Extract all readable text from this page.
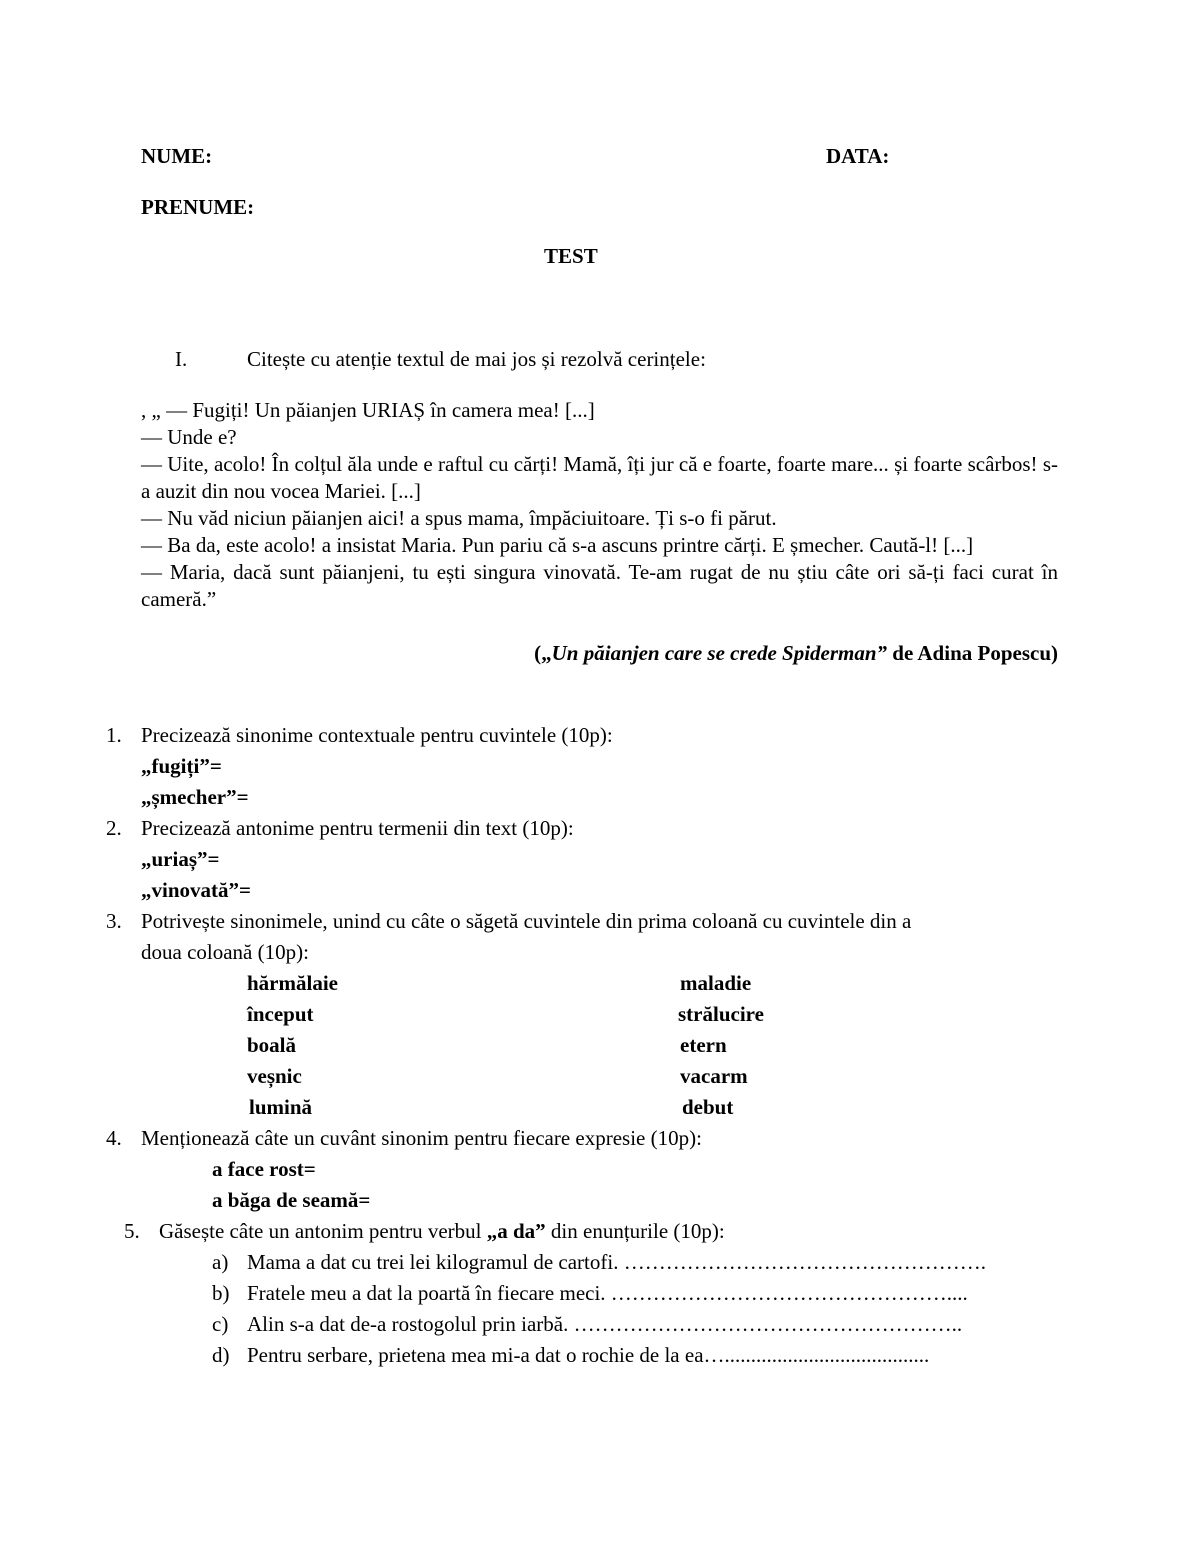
NUME:	DATA:
PRENUME:
TEST
I.	Citește cu atenție textul de mai jos și rezolvă cerințele:

, „ — Fugiți! Un păianjen URIAȘ în camera mea! [...]

— Unde e?

— Uite, acolo! În colțul ăla unde e raftul cu cărți! Mamă, îți jur că e foarte, foarte mare... și foarte scârbos! s-a auzit din nou vocea Mariei. [...]

— Nu văd niciun păianjen aici! a spus mama, împăciuitoare. Ți s-o fi părut.

— Ba da, este acolo! a insistat Maria. Pun pariu că s-a ascuns printre cărți. E șmecher. Caută-l! [...]

— Maria, dacă sunt păianjeni, tu ești singura vinovată. Te-am rugat de nu știu câte ori să-ți faci curat în cameră.”

(„Un păianjen care se crede Spiderman” de Adina Popescu)
1. Precizează sinonime contextuale pentru cuvintele (10p):
„fugiți”=
„șmecher”=
2. Precizează antonime pentru termenii din text (10p):
„uriaș”=
„vinovată”=
3. Potrivește sinonimele, unind cu câte o săgetă cuvintele din prima coloană cu cuvintele din a
doua coloană (10p):
hărmălaie
început
boală
veșnic
lumină
maladie
strălucire
etern
vacarm
debut
4. Menționează câte un cuvânt sinonim pentru fiecare expresie (10p):
a face rost=
a băga de seamă=
5. Găsește câte un antonim pentru verbul „a da” din enunțurile (10p):
a) Mama a dat cu trei lei kilogramul de cartofi. …………………………………………….
b) Fratele meu a dat la poartă în fiecare meci. …………………………………………....
c) Alin s-a dat de-a rostogolul prin iarbă. ………………………………………………..
d) Pentru serbare, prietena mea mi-a dat o rochie de la ea….......................................
